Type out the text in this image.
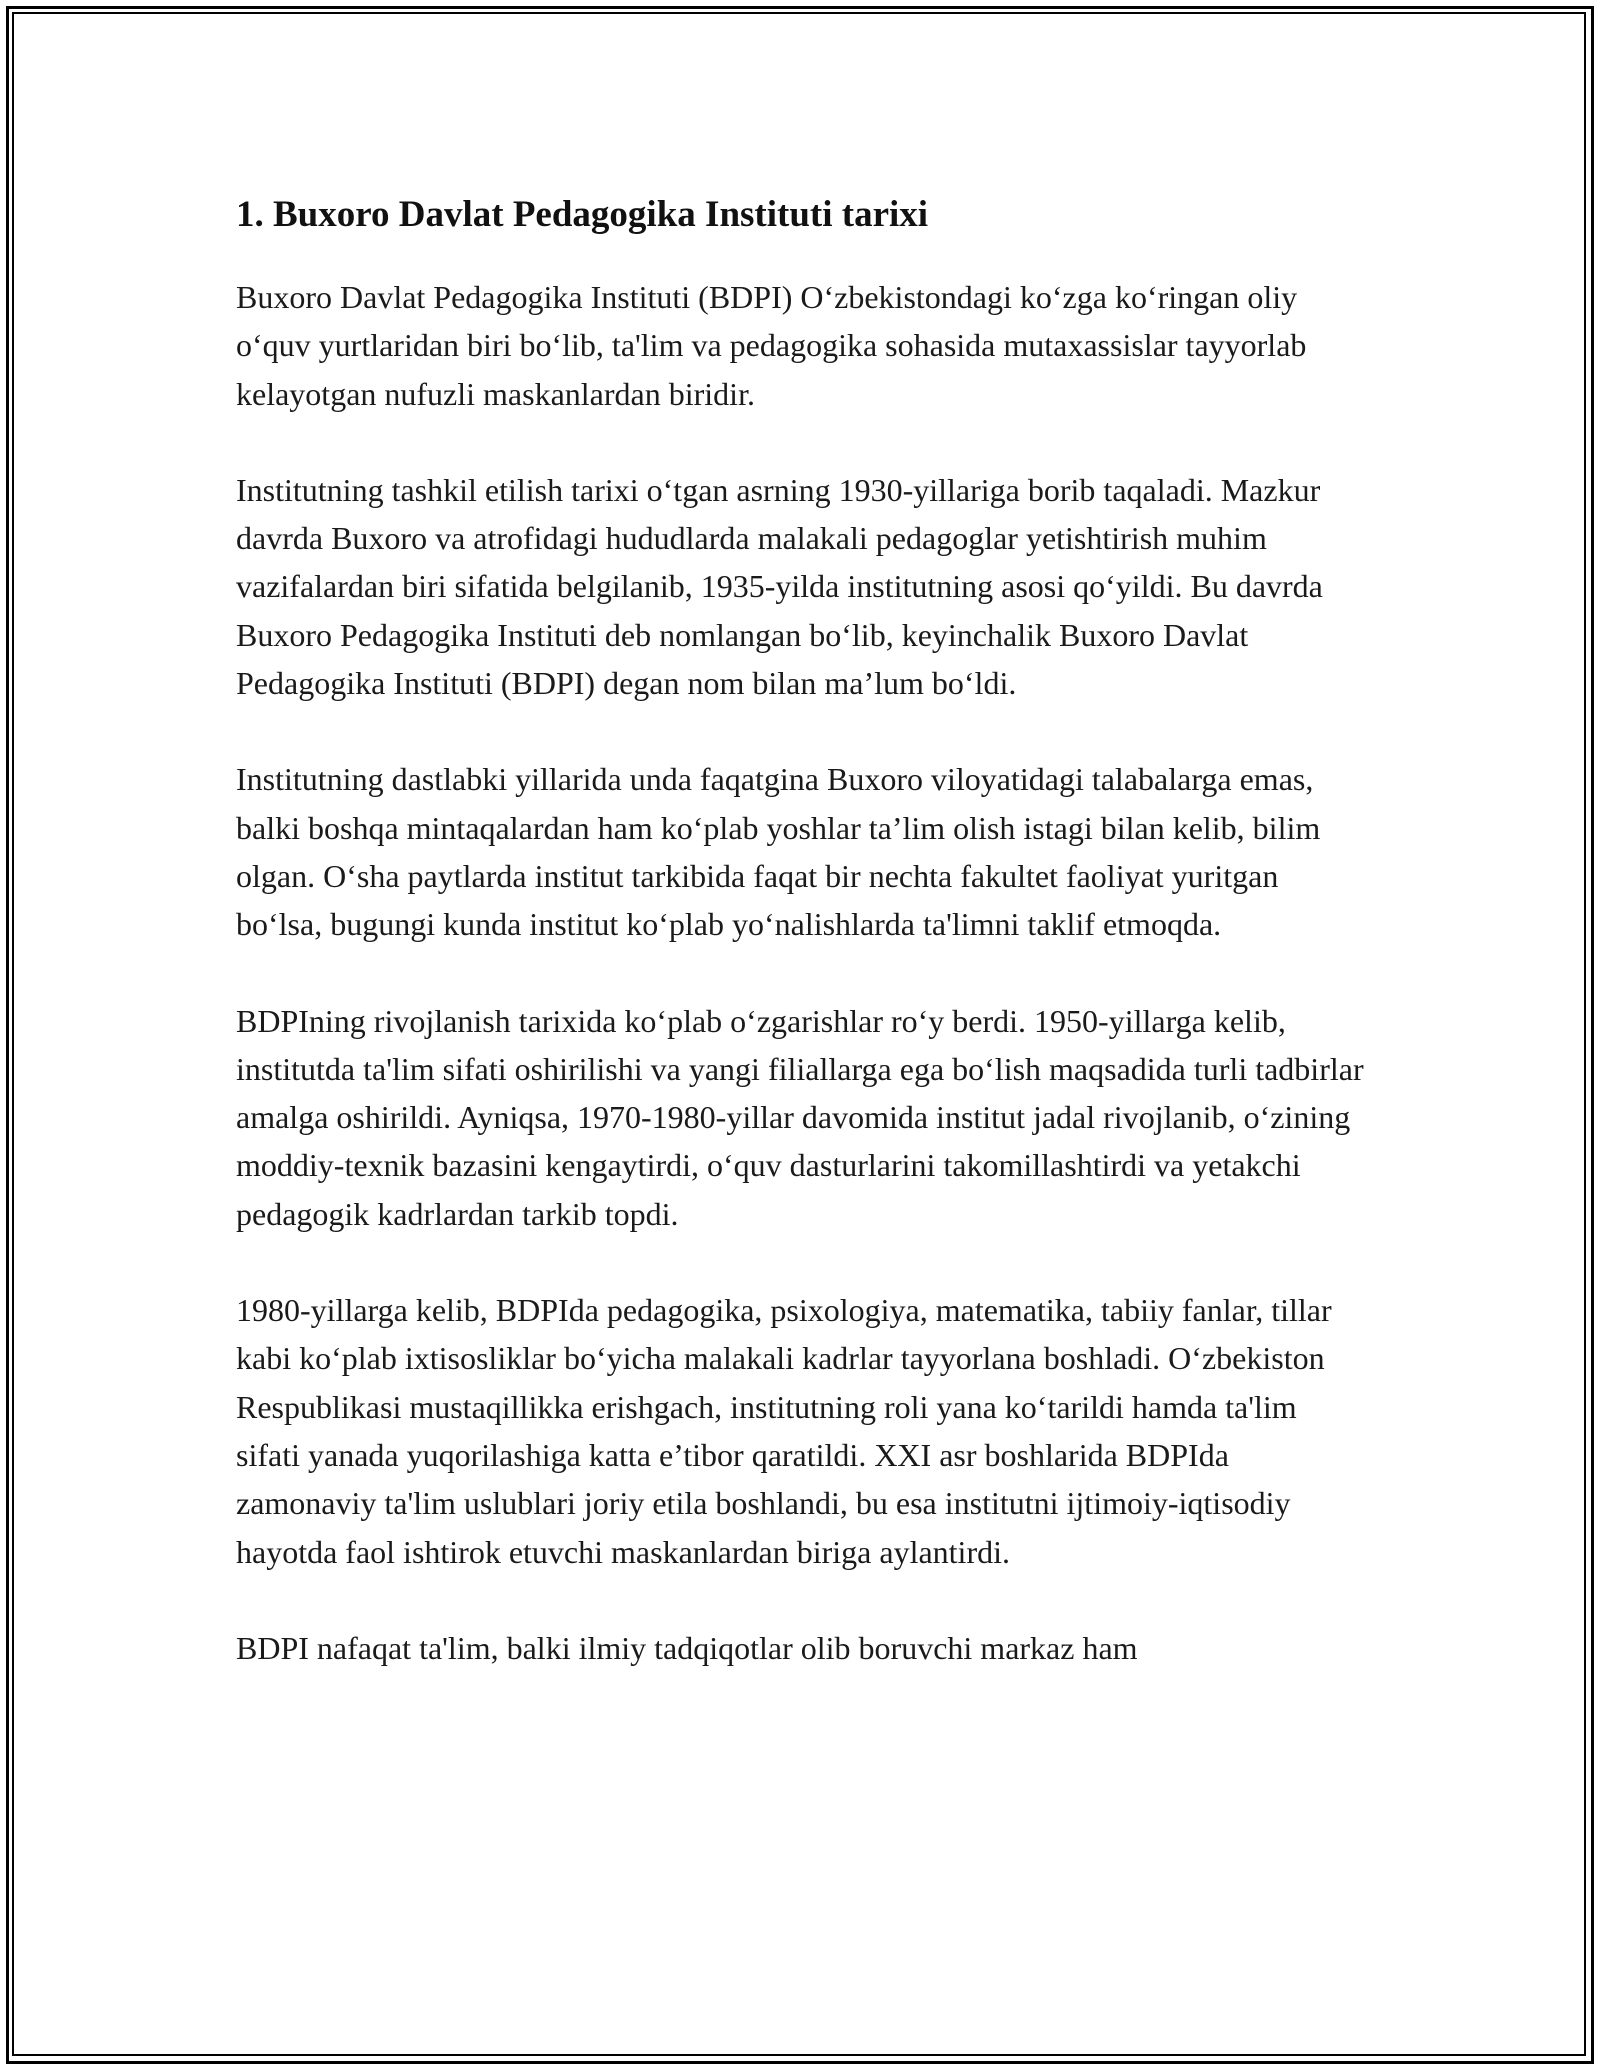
1. Buxoro Davlat Pedagogika Instituti tarixi

Buxoro Davlat Pedagogika Instituti (BDPI) O‘zbekistondagi ko‘zga ko‘ringan oliy o‘quv yurtlaridan biri bo‘lib, ta'lim va pedagogika sohasida mutaxassislar tayyorlab kelayotgan nufuzli maskanlardan biridir.

Institutning tashkil etilish tarixi o‘tgan asrning 1930-yillariga borib taqaladi. Mazkur davrda Buxoro va atrofidagi hududlarda malakali pedagoglar yetishtirish muhim vazifalardan biri sifatida belgilanib, 1935-yilda institutning asosi qo‘yildi. Bu davrda Buxoro Pedagogika Instituti deb nomlangan bo‘lib, keyinchalik Buxoro Davlat Pedagogika Instituti (BDPI) degan nom bilan ma’lum bo‘ldi.

Institutning dastlabki yillarida unda faqatgina Buxoro viloyatidagi talabalarga emas, balki boshqa mintaqalardan ham ko‘plab yoshlar ta’lim olish istagi bilan kelib, bilim olgan. O‘sha paytlarda institut tarkibida faqat bir nechta fakultet faoliyat yuritgan bo‘lsa, bugungi kunda institut ko‘plab yo‘nalishlarda ta'limni taklif etmoqda.

BDPIning rivojlanish tarixida ko‘plab o‘zgarishlar ro‘y berdi. 1950-yillarga kelib, institutda ta'lim sifati oshirilishi va yangi filiallarga ega bo‘lish maqsadida turli tadbirlar amalga oshirildi. Ayniqsa, 1970-1980-yillar davomida institut jadal rivojlanib, o‘zining moddiy-texnik bazasini kengaytirdi, o‘quv dasturlarini takomillashtirdi va yetakchi pedagogik kadrlardan tarkib topdi.

1980-yillarga kelib, BDPIda pedagogika, psixologiya, matematika, tabiiy fanlar, tillar kabi ko‘plab ixtisosliklar bo‘yicha malakali kadrlar tayyorlana boshladi. O‘zbekiston Respublikasi mustaqillikka erishgach, institutning roli yana ko‘tarildi hamda ta'lim sifati yanada yuqorilashiga katta e’tibor qaratildi. XXI asr boshlarida BDPIda zamonaviy ta'lim uslublari joriy etila boshlandi, bu esa institutni ijtimoiy-iqtisodiy hayotda faol ishtirok etuvchi maskanlardan biriga aylantirdi.

BDPI nafaqat ta'lim, balki ilmiy tadqiqotlar olib boruvchi markaz ham
